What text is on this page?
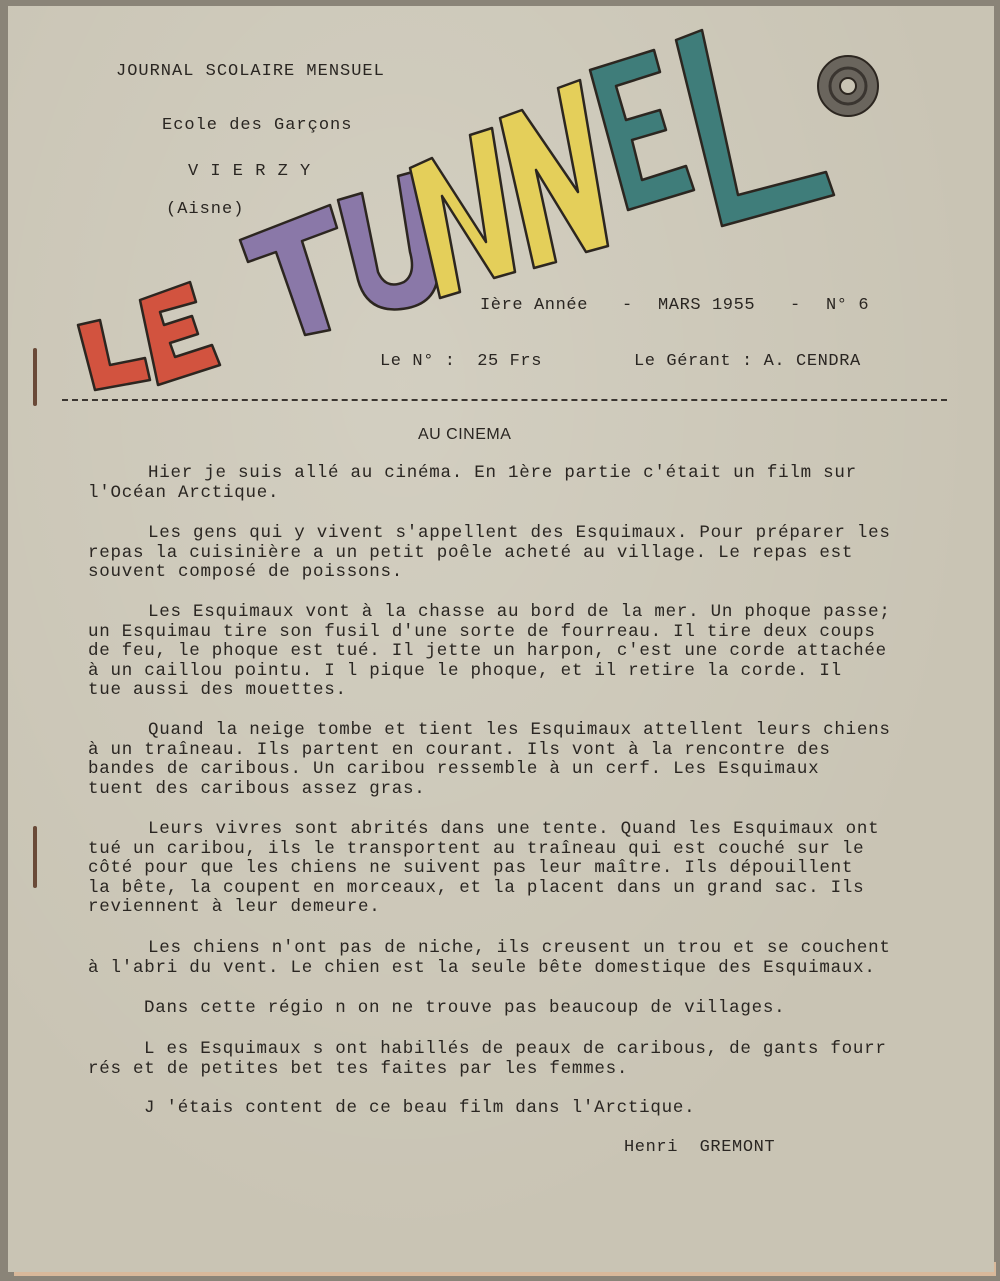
JOURNAL SCOLAIRE MENSUEL
Ecole des Garçons
V I E R Z Y
(Aisne)
Ière Année - MARS 1955 - N° 6
Le N° :  25 Frs	Le Gérant : A. CENDRA
AU CINEMA
Hier je suis allé au cinéma. En 1ère partie c'était un film sur
l'Océan Arctique.
Les gens qui y vivent s'appellent des Esquimaux. Pour préparer les
repas la cuisinière a un petit poêle acheté au village. Le repas est
souvent composé de poissons.
Les Esquimaux vont à la chasse au bord de la mer. Un phoque passe;
un Esquimau tire son fusil d'une sorte de fourreau. Il tire deux coups
de feu, le phoque est tué. Il jette un harpon, c'est une corde attachée
à un caillou pointu. I l pique le phoque, et il retire la corde. Il
tue aussi des mouettes.
Quand la neige tombe et tient les Esquimaux attellent leurs chiens
à un traîneau. Ils partent en courant. Ils vont à la rencontre des
bandes de caribous. Un caribou ressemble à un cerf. Les Esquimaux
tuent des caribous assez gras.
Leurs vivres sont abrités dans une tente. Quand les Esquimaux ont
tué un caribou, ils le transportent au traîneau qui est couché sur le
côté pour que les chiens ne suivent pas leur maître. Ils dépouillent
la bête, la coupent en morceaux, et la placent dans un grand sac. Ils
reviennent à leur demeure.
Les chiens n'ont pas de niche, ils creusent un trou et se couchent
à l'abri du vent. Le chien est la seule bête domestique des Esquimaux.
Dans cette régio n on ne trouve pas beaucoup de villages.
L es Esquimaux s ont habillés de peaux de caribous, de gants fourr
rés et de petites bet tes faites par les femmes.
J 'étais content de ce beau film dans l'Arctique.
Henri  GREMONT
